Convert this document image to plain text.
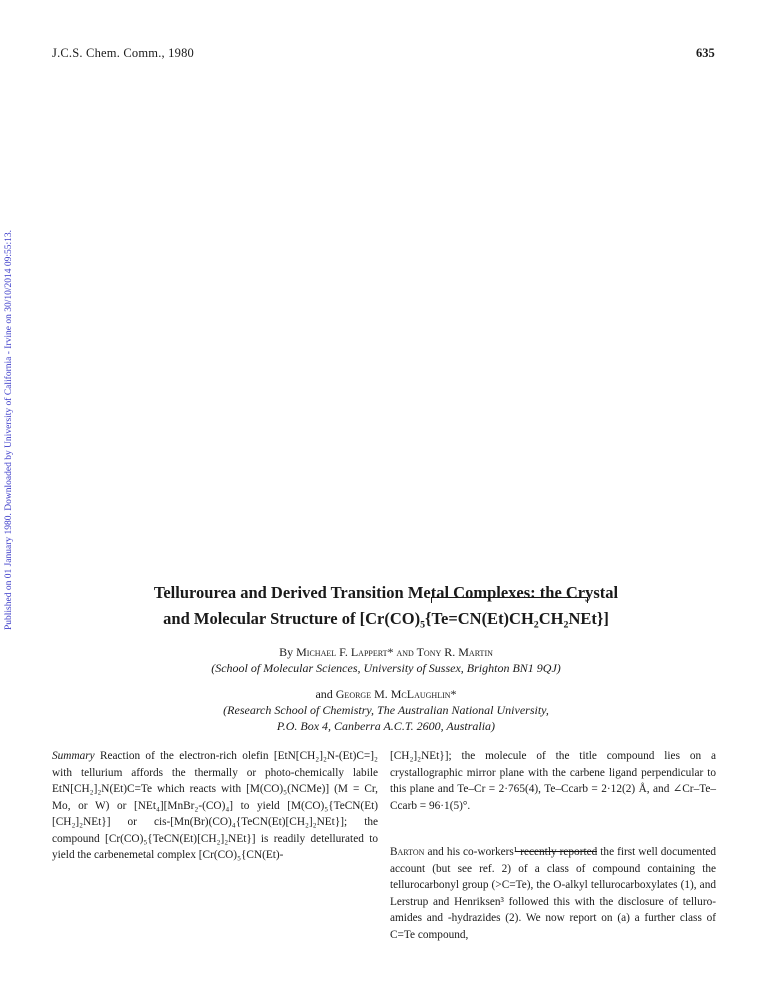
Published on 01 January 1980. Downloaded by University of California - Irvine on 30/10/2014 09:55:13.
J.C.S. Chem. Comm., 1980	635
Tellurourea and Derived Transition Metal Complexes: the Crystal
and Molecular Structure of [Cr(CO)₅{Te=CN(Et)CH₂CH₂NEt}]
By Michael F. Lappert* and Tony R. Martin
(School of Molecular Sciences, University of Sussex, Brighton BN1 9QJ)
and George M. McLaughlin*
(Research School of Chemistry, The Australian National University,
P.O. Box 4, Canberra A.C.T. 2600, Australia)

Summary Reaction of the electron-rich olefin [EtN[CH₂]₂N-(Et)C=]₂ with tellurium affords the thermally or photo-chemically labile EtN[CH₂]₂N(Et)C=Te which reacts with [M(CO)₅(NCMe)] (M = Cr, Mo, or W) or [NEt₄][MnBr₂-(CO)₄] to yield [M(CO)₅{TeCN(Et)[CH₂]₂NEt}] or cis-[Mn(Br)(CO)₄{TeCN(Et)[CH₂]₂NEt}]; the compound [Cr(CO)₅{TeCN(Et)[CH₂]₂NEt}] is readily detellurated to yield the carbenemetal complex [Cr(CO)₅{CN(Et)-

[CH₂]₂NEt}]; the molecule of the title compound lies on a crystallographic mirror plane with the carbene ligand perpendicular to this plane and Te–Cr = 2·765(4), Te–Ccarb = 2·12(2) Å, and ∠Cr–Te–Ccarb = 96·1(5)°.

Barton and his co-workers¹ recently reported the first well documented account (but see ref. 2) of a class of compound containing the tellurocarbonyl group (>C=Te), the O-alkyl tellurocarboxylates (1), and Lerstrup and Henriksen³ followed this with the disclosure of telluro-amides and -hydrazides (2). We now report on (a) a further class of C=Te compound,
